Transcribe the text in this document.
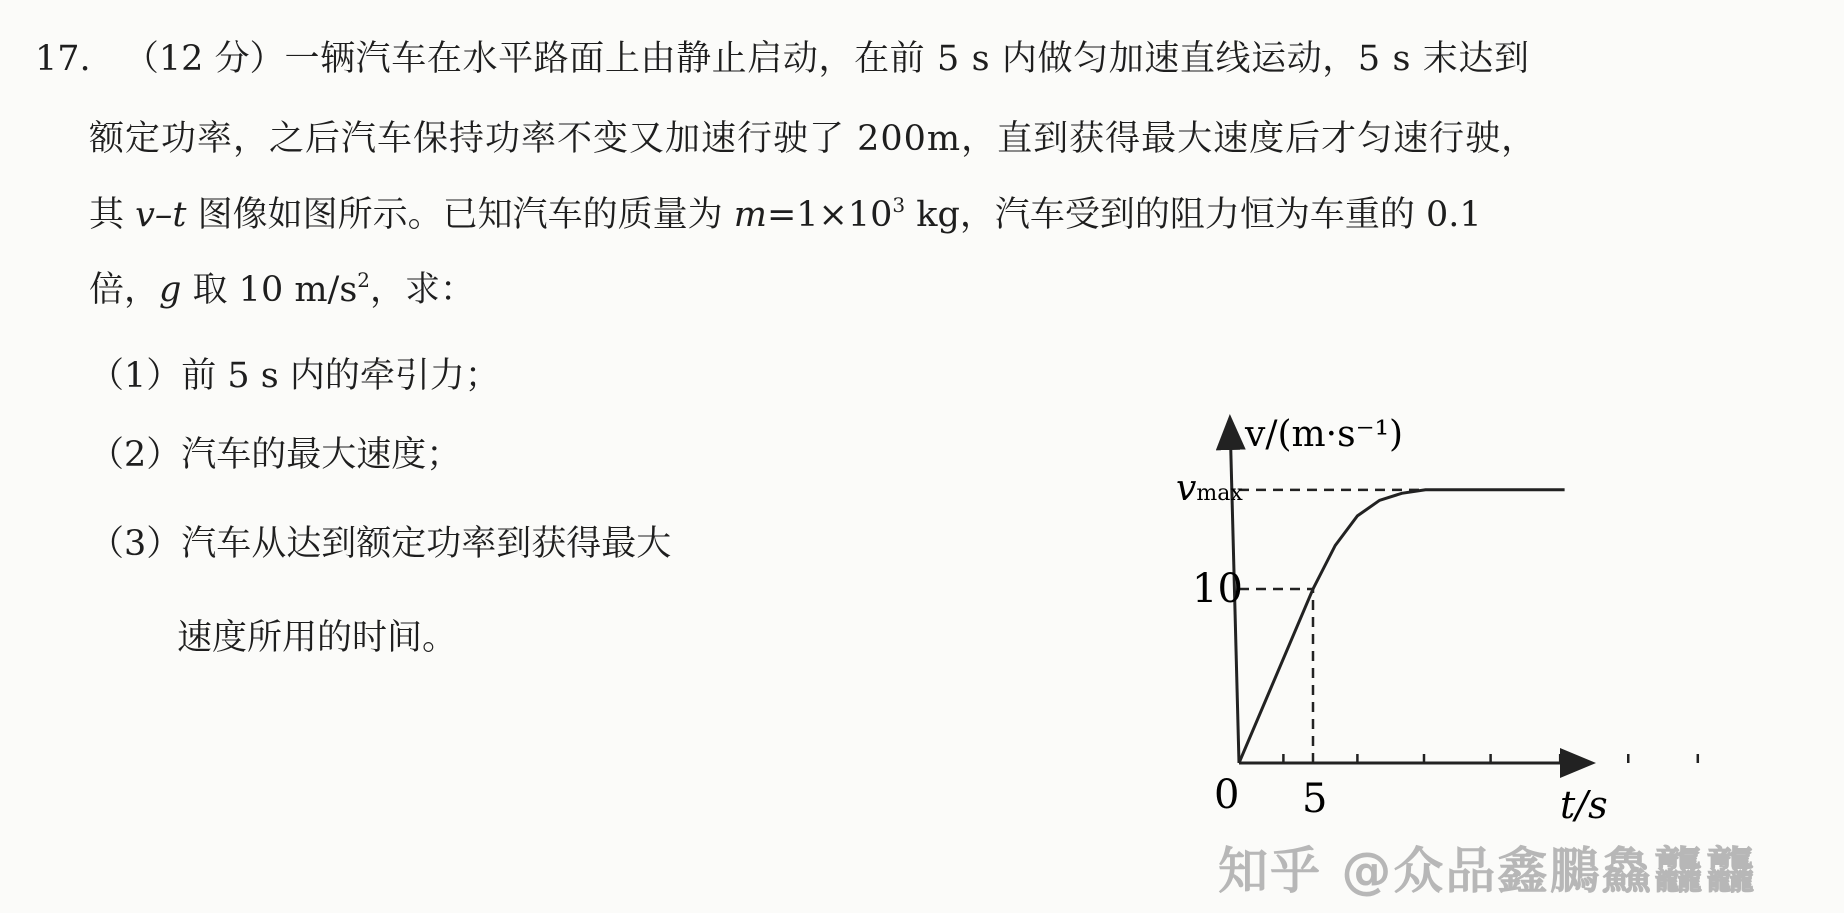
17. （12 分）一辆汽车在水平路面上由静止启动，在前 5 s 内做匀加速直线运动，5 s 末达到
额定功率，之后汽车保持功率不变又加速行驶了 200m，直到获得最大速度后才匀速行驶，
其 v–t 图像如图所示。已知汽车的质量为 $m=1\times 10^3$ kg，汽车受到的阻力恒为车重的 0.1
倍，g 取 10 $m/s^2$，求：
（1）前 5 s 内的牵引力；
（2）汽车的最大速度；
（3）汽车从达到额定功率到获得最大
速度所用的时间。
v/(m·s⁻¹)
vmax
10
0 5	t/s
知乎 @众品鑫鵩鱻龘龘
